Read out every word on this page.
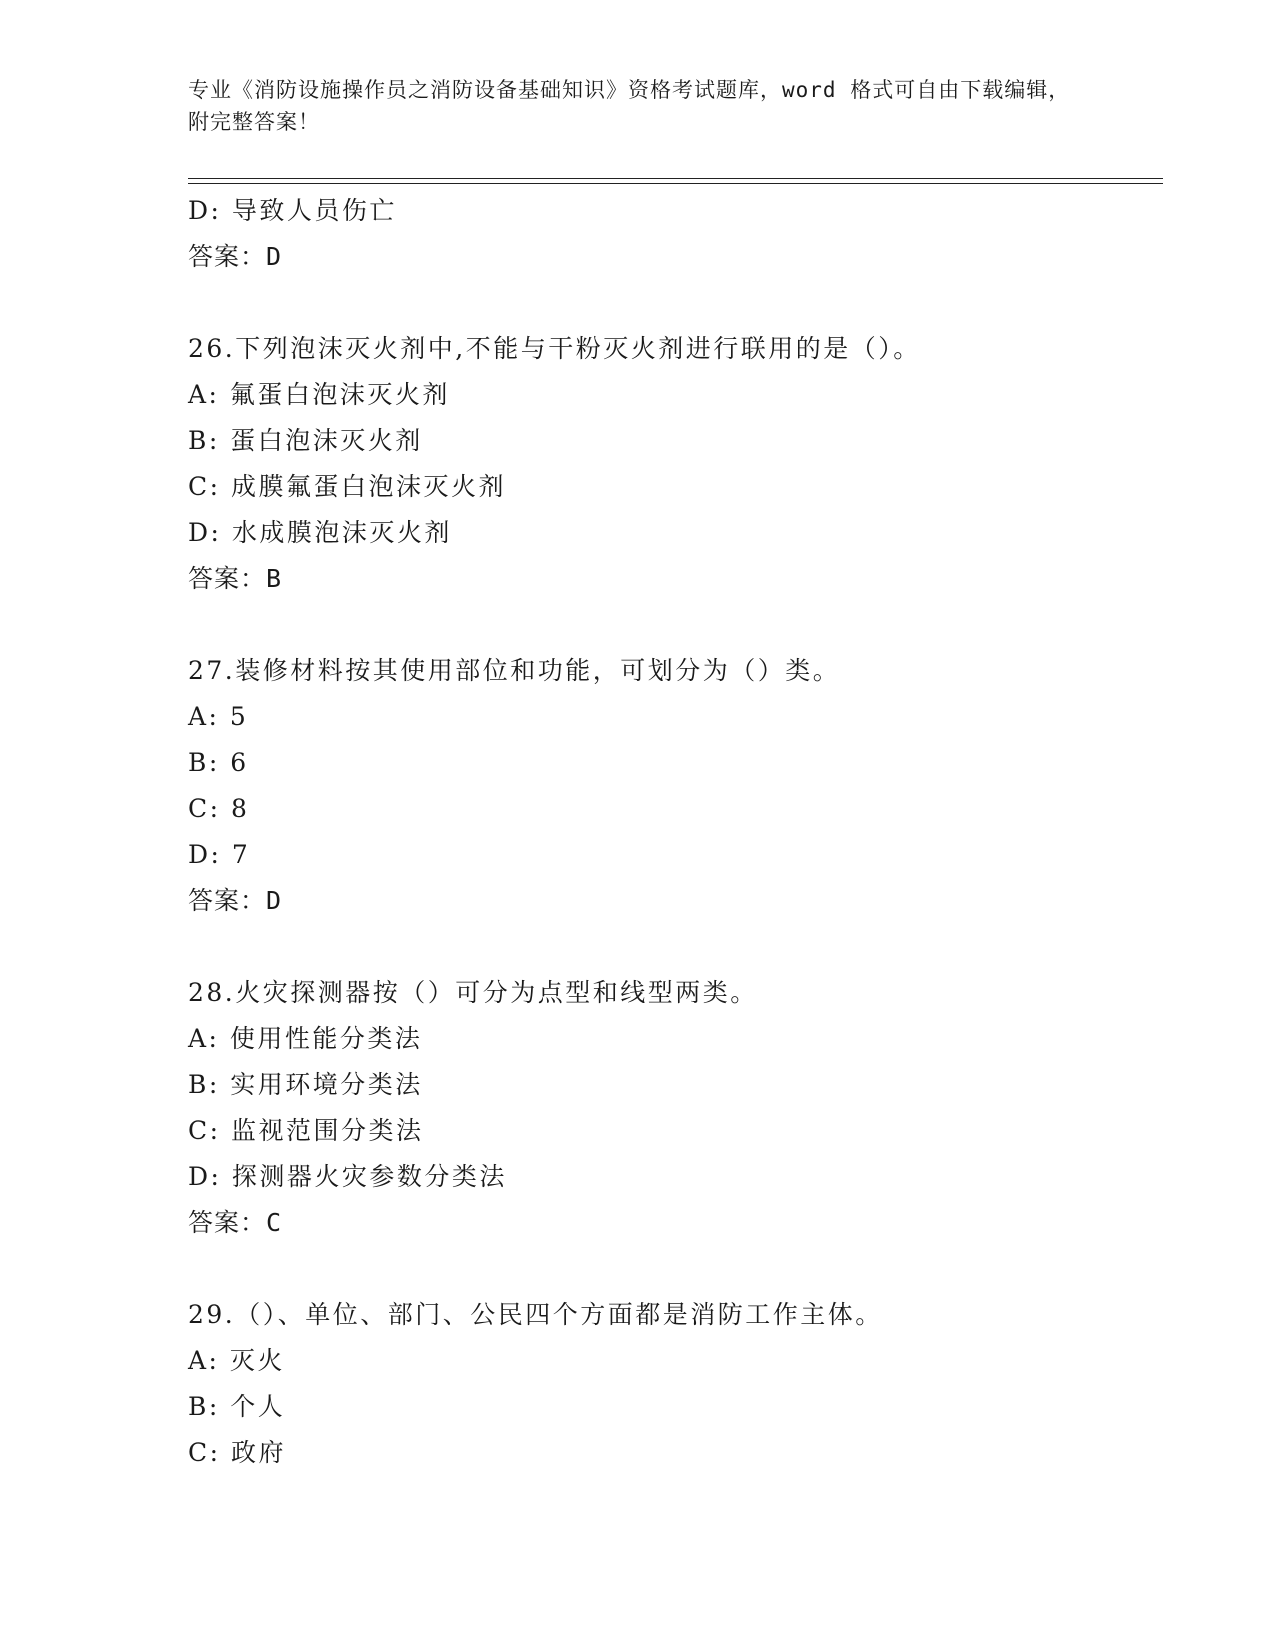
专业《消防设施操作员之消防设备基础知识》资格考试题库，word 格式可自由下载编辑，附完整答案！
D: 导致人员伤亡
答案：D
26.下列泡沫灭火剂中,不能与干粉灭火剂进行联用的是（）。
A: 氟蛋白泡沫灭火剂
B: 蛋白泡沫灭火剂
C: 成膜氟蛋白泡沫灭火剂
D: 水成膜泡沫灭火剂
答案：B
27.装修材料按其使用部位和功能，可划分为（）类。
A: 5
B: 6
C: 8
D: 7
答案：D
28.火灾探测器按（）可分为点型和线型两类。
A: 使用性能分类法
B: 实用环境分类法
C: 监视范围分类法
D: 探测器火灾参数分类法
答案：C
29.（）、单位、部门、公民四个方面都是消防工作主体。
A: 灭火
B: 个人
C: 政府
